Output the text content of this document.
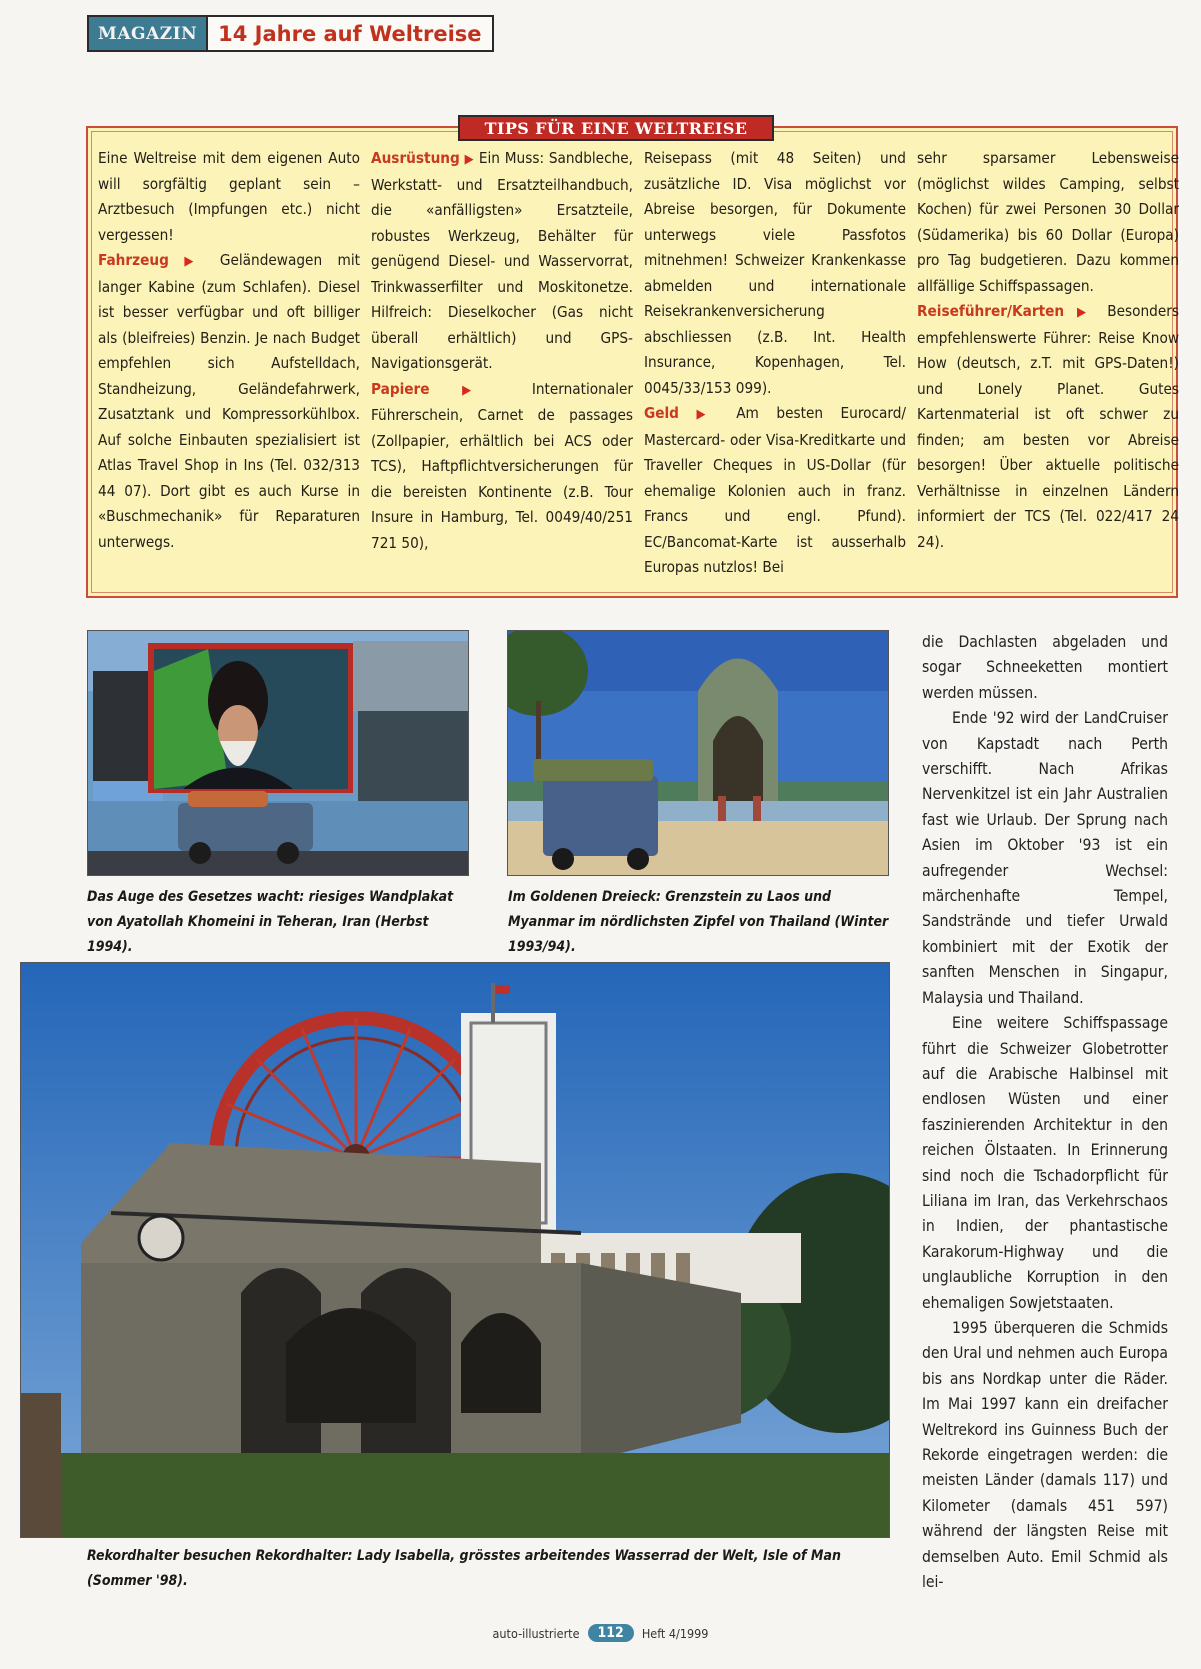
MAGAZIN	14 Jahre auf Weltreise
TIPS FÜR EINE WELTREISE

Eine Weltreise mit dem eigenen Auto will sorgfältig geplant sein – Arztbesuch (Impfungen etc.) nicht vergessen!

Fahrzeug ▶ Geländewagen mit langer Kabine (zum Schlafen). Diesel ist besser verfügbar und oft billiger als (bleifreies) Benzin. Je nach Budget empfehlen sich Aufstelldach, Standheizung, Geländefahrwerk, Zusatztank und Kompressorkühlbox. Auf solche Einbauten spezialisiert ist Atlas Travel Shop in Ins (Tel. 032/313 44 07). Dort gibt es auch Kurse in «Buschmechanik» für Reparaturen unterwegs.

Ausrüstung ▶ Ein Muss: Sandbleche, Werkstatt- und Ersatzteilhandbuch, die «anfälligsten» Ersatzteile, robustes Werkzeug, Behälter für genügend Diesel- und Wasservorrat, Trinkwasserfilter und Moskitonetze. Hilfreich: Dieselkocher (Gas nicht überall erhältlich) und GPS-Navigationsgerät.

Papiere	▶ Internationaler Führerschein, Carnet de passages (Zollpapier, erhältlich bei ACS oder TCS), Haftpflichtversicherungen für die bereisten Kontinente (z.B. Tour Insure in Hamburg, Tel. 0049/40/251 721 50),

Reisepass (mit 48 Seiten) und zusätzliche ID. Visa möglichst vor Abreise besorgen, für Dokumente unterwegs viele Passfotos mitnehmen! Schweizer Krankenkasse abmelden und internationale Reisekrankenversicherung abschliessen (z.B. Int. Health Insurance, Kopenhagen, Tel. 0045/33/153 099).

Geld ▶ Am besten Eurocard/ Mastercard- oder Visa-Kreditkarte und Traveller Cheques in US-Dollar (für ehemalige Kolonien auch in franz. Francs und engl. Pfund). EC/Bancomat-Karte ist ausserhalb Europas nutzlos! Bei

sehr sparsamer Lebensweise (möglichst wildes Camping, selbst Kochen) für zwei Personen 30 Dollar (Südamerika) bis 60 Dollar (Europa) pro Tag budgetieren. Dazu kommen allfällige Schiffspassagen.

Reiseführer/Karten ▶ Besonders empfehlenswerte Führer: Reise Know How (deutsch, z.T. mit GPS-Daten!) und Lonely Planet. Gutes Kartenmaterial ist oft schwer zu finden; am besten vor Abreise besorgen! Über aktuelle politische Verhältnisse in einzelnen Ländern informiert der TCS (Tel. 022/417 24 24).

Das Auge des Gesetzes wacht: riesiges Wandplakat von Ayatollah Khomeini in Teheran, Iran (Herbst 1994).
Im Goldenen Dreieck: Grenzstein zu Laos und Myanmar im nördlichsten Zipfel von Thailand (Winter 1993/94).
Rekordhalter besuchen Rekordhalter: Lady Isabella, grösstes arbeitendes Wasserrad der Welt, Isle of Man (Sommer '98).

die Dachlasten abgeladen und sogar Schneeketten montiert werden müssen.

Ende '92 wird der LandCruiser von Kapstadt nach Perth verschifft. Nach Afrikas Nervenkitzel ist ein Jahr Australien fast wie Urlaub. Der Sprung nach Asien im Oktober '93 ist ein aufregender Wechsel: märchenhafte Tempel, Sandstrände und tiefer Urwald kombiniert mit der Exotik der sanften Menschen in Singapur, Malaysia und Thailand.

Eine weitere Schiffspassage führt die Schweizer Globetrotter auf die Arabische Halbinsel mit endlosen Wüsten und einer faszinierenden Architektur in den reichen Ölstaaten. In Erinnerung sind noch die Tschadorpflicht für Liliana im Iran, das Verkehrschaos in Indien, der phantastische Karakorum-Highway und die unglaubliche Korruption in den ehemaligen Sowjetstaaten.

1995 überqueren die Schmids den Ural und nehmen auch Europa bis ans Nordkap unter die Räder. Im Mai 1997 kann ein dreifacher Weltrekord ins Guinness Buch der Rekorde eingetragen werden: die meisten Länder (damals 117) und Kilometer (damals 451 597) während der längsten Reise mit demselben Auto. Emil Schmid als lei-

auto-illustrierte	112	Heft 4/1999
